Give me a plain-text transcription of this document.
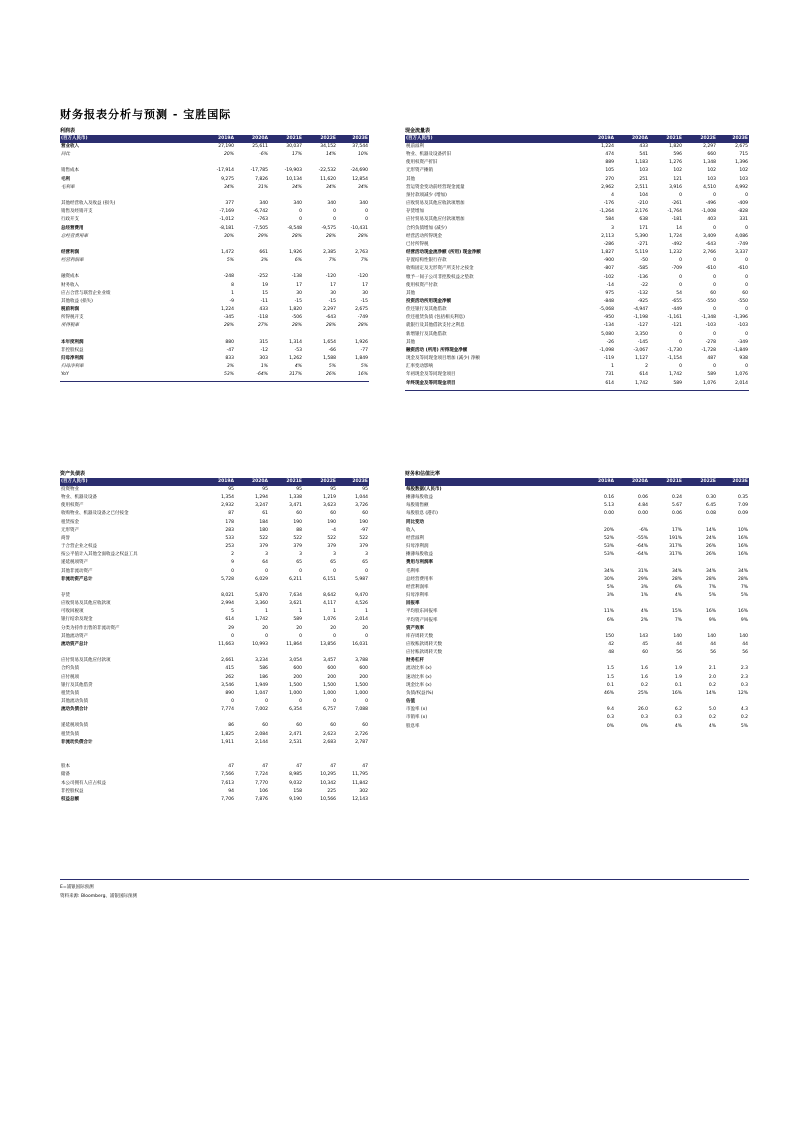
财务报表分析与预测 - 宝胜国际
利润表
(百万人民币)	2019A	2020A	2021E	2022E	2023E
营业收入	27,190	25,611	30,037	34,152	37,544
同比	20%	-6%	17%	14%	10%

销售成本	-17,914	-17,785	-19,903	-22,532	-24,690
毛利	9,275	7,826	10,134	11,620	12,854
毛利率	34%	31%	34%	34%	34%

其他经营收入及收益 (损失)	377	340	340	340	340
销售及经销开支	-7,169	-6,742	0	0	0
行政开支	-1,012	-763	0	0	0
总经营费用	-8,181	-7,505	-8,548	-9,575	-10,431
总经营费用率	30%	29%	28%	28%	28%

经营利润	1,472	661	1,926	2,385	2,763
经营利润率	5%	3%	6%	7%	7%

融资成本	-248	-252	-138	-120	-120
财务收入	8	19	17	17	17
应占合营与联营企业业绩	1	15	30	30	30
其他收益 (损失)	-9	-11	-15	-15	-15
税前利润	1,224	433	1,820	2,297	2,675
所得税开支	-345	-118	-506	-643	-749
所得税率	28%	27%	28%	28%	28%

本年度利润	880	315	1,314	1,654	1,926
非控股权益	-47	-12	-53	-66	-77
归母净利润	833	303	1,262	1,588	1,849
归母净利率	3%	1%	4%	5%	5%
YoY	53%	-64%	317%	26%	16%
现金流量表
(百万人民币)	2019A	2020A	2021E	2022E	2023E
税前溢利	1,224	433	1,820	2,297	2,675
物业、机器及设备折旧	474	541	596	660	715
使用权资产折旧	889	1,183	1,276	1,348	1,396
无形资产摊销	105	103	102	102	102
其他	270	251	121	103	103
营运资金变动前经营现金流量	2,962	2,511	3,916	4,510	4,992
预付款项减少 (增加)	4	104	0	0	0
应收贸易及其他应收款项增加	-176	-210	-261	-496	-409
存货增加	-1,264	2,176	-1,764	-1,008	-828
应付贸易及其他应付款项增加	584	638	-181	403	331
合约负债增加 (减少)	3	171	14	0	0
经营活动所得现金	2,113	5,390	1,724	3,409	4,086
已付所得税	-286	-271	-492	-643	-749
经营活动现金流净额 (所用) 现金净额	1,827	5,119	1,232	2,766	3,337
存置结构性银行存款	-900	-50	0	0	0
收购固定及无形资产所支付之按金	-807	-585	-709	-610	-610
缴予一间子公司非控股权益之垫款	-102	-136	0	0	0
使用权资产付款	-14	-22	0	0	0
其他	975	-132	54	60	60
投资活动所用现金净额	-848	-925	-655	-550	-550
偿还银行及其他借款	-5,068	-4,947	-449	0	0
偿还租赁负债 (包括相关利息)	-950	-1,198	-1,161	-1,348	-1,396
就银行及其他借款支付之利息	-134	-127	-121	-103	-103
新增银行及其他借款	5,080	3,350	0	0	0
其他	-26	-145	0	-278	-349
融资活动 (所用) 所得现金净额	-1,098	-3,067	-1,730	-1,728	-1,849
现金及等同现金项目增加 (减少) 净额	-119	1,127	-1,154	487	938
汇率变动影响	1	2	0	0	0
年初现金及等同现金项目	731	614	1,742	589	1,076
年终现金及等同现金项目	614	1,742	589	1,076	2,014
资产负债表
(百万人民币)	2019A	2020A	2021E	2022E	2023E
投资物业	95	95	95	95	95
物业、机器及设备	1,354	1,294	1,338	1,219	1,044
使用权资产	2,932	3,247	3,471	3,623	3,726
收购物业、机器及设备之已付按金	87	61	60	60	60
租赁按金	178	184	190	190	190
无形资产	283	180	88	-4	-97
商誉	533	522	522	522	522
于合营企业之权益	253	379	379	379	379
按公平值计入其他全面收益之权益工具	2	3	3	3	3
递延税项资产	9	64	65	65	65
其他非流动资产	0	0	0	0	0
非流动资产总计	5,728	6,029	6,211	6,151	5,987

存货	8,021	5,870	7,634	8,642	9,470
应收贸易及其他应收款项	2,994	3,360	3,621	4,117	4,526
可收回税项	5	1	1	1	1
银行结余及现金	614	1,742	589	1,076	2,014
分类为持作出售的非流动资产	29	20	20	20	20
其他流动资产	0	0	0	0	0
流动资产总计	11,663	10,993	11,864	13,856	16,031

应付贸易及其他应付款项	2,661	3,234	3,054	3,457	3,788
合约负债	415	586	600	600	600
应付税项	262	186	200	200	200
银行及其他借贷	3,546	1,949	1,500	1,500	1,500
租赁负债	890	1,047	1,000	1,000	1,000
其他流动负债	0	0	0	0	0
流动负债合计	7,774	7,002	6,354	6,757	7,088

递延税项负债	86	60	60	60	60
租赁负债	1,825	2,084	2,471	2,623	2,726
非流动负债合计	1,911	2,144	2,531	2,683	2,787

股本	47	47	47	47	47
储备	7,566	7,724	8,985	10,295	11,795
本公司拥有人应占权益	7,613	7,770	9,032	10,342	11,842
非控股权益	94	106	158	225	302
权益总额	7,706	7,876	9,190	10,566	12,143
财务和估值比率
	2019A	2020A	2021E	2022E	2023E
每股数据(人民币)					
摊薄每股收益	0.16	0.06	0.24	0.30	0.35
每股销售额	5.13	4.84	5.67	6.45	7.09
每股股息 (港币)	0.00	0.00	0.06	0.08	0.09
同比变动					
收入	20%	-6%	17%	14%	10%
经营溢利	52%	-55%	191%	24%	16%
归母净利润	53%	-64%	317%	26%	16%
摊薄每股收益	53%	-64%	317%	26%	16%
费用与利润率					
毛利率	34%	31%	34%	34%	34%
总经营费用率	30%	29%	28%	28%	28%
经营利润率	5%	3%	6%	7%	7%
归母净利率	3%	1%	4%	5%	5%
回报率					
平均股东回报率	11%	4%	15%	16%	16%
平均资产回报率	6%	2%	7%	9%	9%
资产效率					
库存周转天数	150	143	140	140	140
应收账款周转天数	42	45	44	44	44
应付账款周转天数	48	60	56	56	56
财务杠杆					
流动比率 (x)	1.5	1.6	1.9	2.1	2.3
速动比率 (x)	1.5	1.6	1.9	2.0	2.3
现金比率 (x)	0.1	0.2	0.1	0.2	0.3
负债/权益(%)	46%	25%	16%	14%	12%
估值					
市盈率 (x)	9.4	26.0	6.2	5.0	4.3
市销率 (x)	0.3	0.3	0.3	0.2	0.2
股息率	0%	0%	4%	4%	5%
E=浦银国际预测
资料来源: Bloomberg、浦银国际预测
